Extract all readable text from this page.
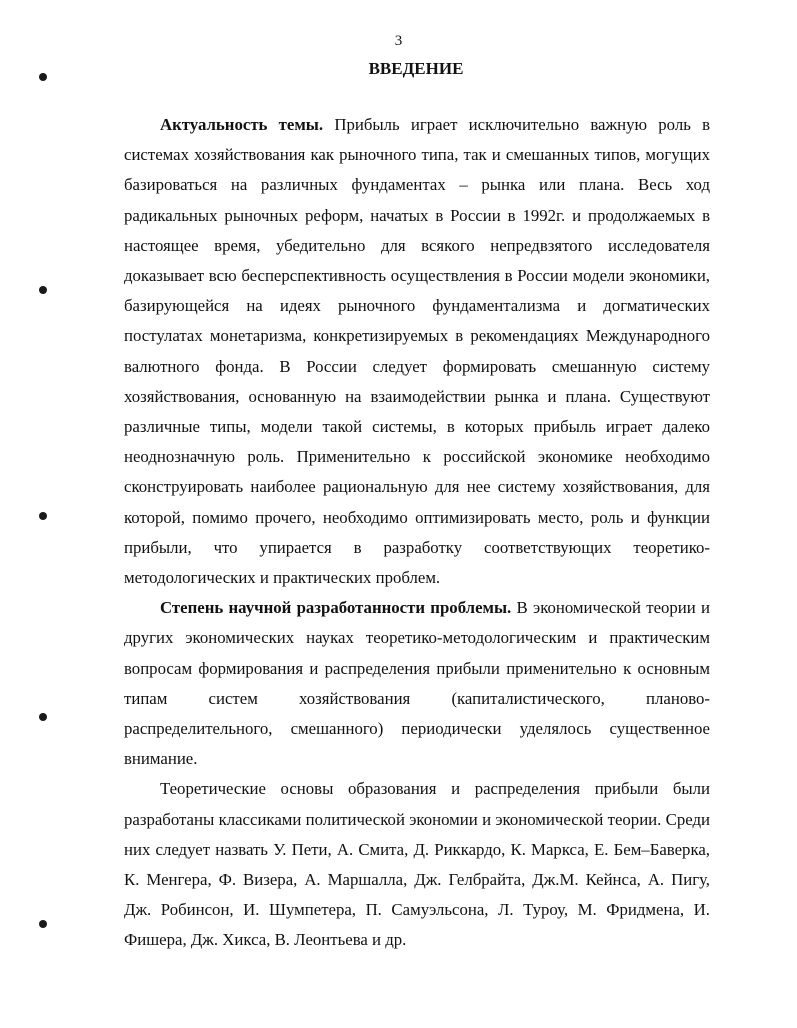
3
ВВЕДЕНИЕ

Актуальность темы. Прибыль играет исключительно важную роль в системах хозяйствования как рыночного типа, так и смешанных типов, могущих базироваться на различных фундаментах – рынка или плана. Весь ход радикальных рыночных реформ, начатых в России в 1992г. и продолжаемых в настоящее время, убедительно для всякого непредвзятого исследователя доказывает всю бесперспективность осуществления в России модели экономики, базирующейся на идеях рыночного фундаментализма и догматических постулатах монетаризма, конкретизируемых в рекомендациях Международного валютного фонда. В России следует формировать смешанную систему хозяйствования, основанную на взаимодействии рынка и плана. Существуют различные типы, модели такой системы, в которых прибыль играет далеко неоднозначную роль. Применительно к российской экономике необходимо сконструировать наиболее рациональную для нее систему хозяйствования, для которой, помимо прочего, необходимо оптимизировать место, роль и функции прибыли, что упирается в разработку соответствующих теоретико-методологических и практических проблем.

Степень научной разработанности проблемы. В экономической теории и других экономических науках теоретико-методологическим и практическим вопросам формирования и распределения прибыли применительно к основным типам систем хозяйствования (капиталистического, планово-распределительного, смешанного) периодически уделялось существенное внимание.

Теоретические основы образования и распределения прибыли были разработаны классиками политической экономии и экономической теории. Среди них следует назвать У. Пети, А. Смита, Д. Риккардо, К. Маркса, Е. Бем–Баверка, К. Менгера, Ф. Визера, А. Маршалла, Дж. Гелбрайта, Дж.М. Кейнса, А. Пигу, Дж. Робинсон, И. Шумпетера, П. Самуэльсона, Л. Туроу, М. Фридмена, И. Фишера, Дж. Хикса, В. Леонтьева и др.
